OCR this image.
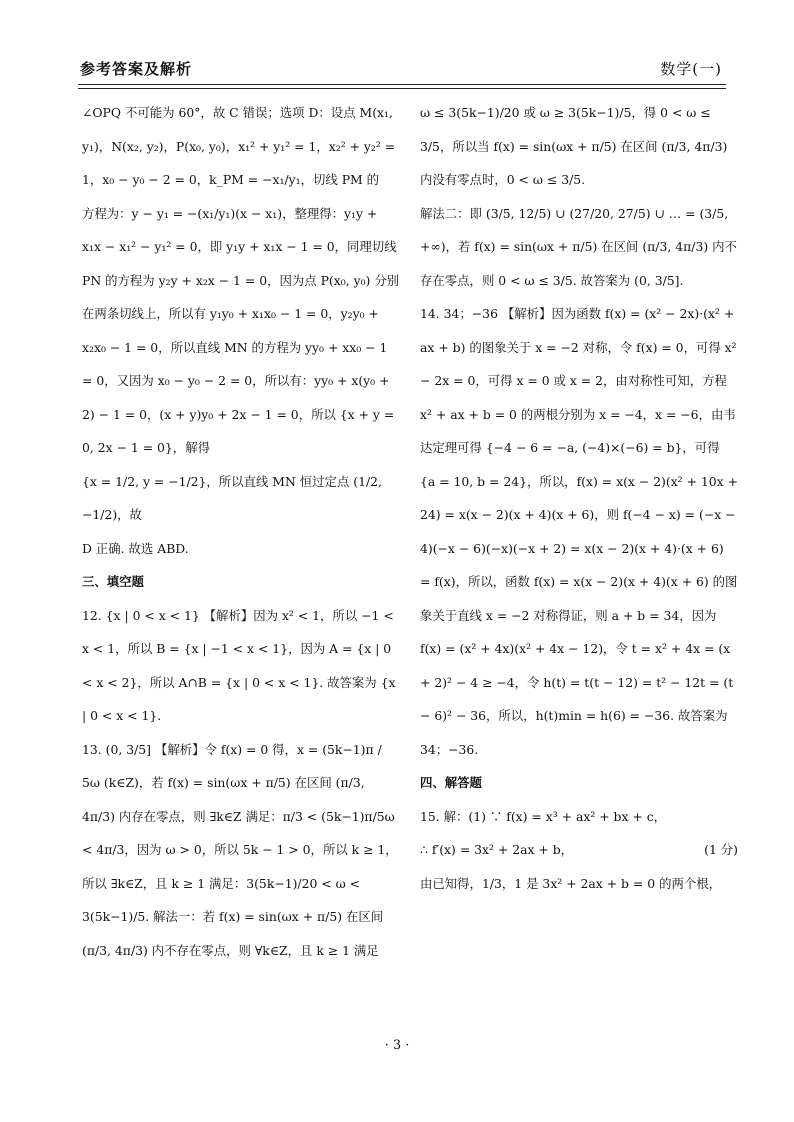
参考答案及解析	数学(一)

∠OPQ 不可能为 60°，故 C 错误；选项 D：设点 M(x₁, y₁)，N(x₂, y₂)，P(x₀, y₀)，x₁² + y₁² = 1，x₂² + y₂² = 1，x₀ − y₀ − 2 = 0，k_PM = −x₁/y₁，切线 PM 的

方程为：y − y₁ = −(x₁/y₁)(x − x₁)，整理得：y₁y + x₁x − x₁² − y₁² = 0，即 y₁y + x₁x − 1 = 0，同理切线 PN 的方程为 y₂y + x₂x − 1 = 0，因为点 P(x₀, y₀) 分别在两条切线上，所以有 y₁y₀ + x₁x₀ − 1 = 0，y₂y₀ + x₂x₀ − 1 = 0，所以直线 MN 的方程为 yy₀ + xx₀ − 1 = 0，又因为 x₀ − y₀ − 2 = 0，所以有：yy₀ + x(y₀ + 2) − 1 = 0，(x + y)y₀ + 2x − 1 = 0，所以 {x + y = 0, 2x − 1 = 0}，解得

{x = 1/2, y = −1/2}，所以直线 MN 恒过定点 (1/2, −1/2)，故

D 正确. 故选 ABD.

三、填空题

12. {x | 0 < x < 1} 【解析】因为 x² < 1，所以 −1 < x < 1，所以 B = {x | −1 < x < 1}，因为 A = {x | 0 < x < 2}，所以 A∩B = {x | 0 < x < 1}. 故答案为 {x | 0 < x < 1}.

13. (0, 3/5] 【解析】令 f(x) = 0 得，x = (5k−1)π / 5ω (k∈Z)，若 f(x) = sin(ωx + π/5) 在区间 (π/3, 4π/3) 内存在零点，则 ∃k∈Z 满足：π/3 < (5k−1)π/5ω < 4π/3，因为 ω > 0，所以 5k − 1 > 0，所以 k ≥ 1，所以 ∃k∈Z，且 k ≥ 1 满足：3(5k−1)/20 < ω < 3(5k−1)/5. 解法一：若 f(x) = sin(ωx + π/5) 在区间 (π/3, 4π/3) 内不存在零点，则 ∀k∈Z，且 k ≥ 1 满足

ω ≤ 3(5k−1)/20 或 ω ≥ 3(5k−1)/5，得 0 < ω ≤ 3/5，所以当 f(x) = sin(ωx + π/5) 在区间 (π/3, 4π/3) 内没有零点时，0 < ω ≤ 3/5.

解法二：即 (3/5, 12/5) ∪ (27/20, 27/5) ∪ … = (3/5, +∞)，若 f(x) = sin(ωx + π/5) 在区间 (π/3, 4π/3) 内不存在零点，则 0 < ω ≤ 3/5. 故答案为 (0, 3/5].

14. 34；−36 【解析】因为函数 f(x) = (x² − 2x)·(x² + ax + b) 的图象关于 x = −2 对称，令 f(x) = 0，可得 x² − 2x = 0，可得 x = 0 或 x = 2，由对称性可知，方程 x² + ax + b = 0 的两根分别为 x = −4，x = −6，由韦达定理可得 {−4 − 6 = −a, (−4)×(−6) = b}，可得 {a = 10, b = 24}，所以，f(x) = x(x − 2)(x² + 10x + 24) = x(x − 2)(x + 4)(x + 6)，则 f(−4 − x) = (−x − 4)(−x − 6)(−x)(−x + 2) = x(x − 2)(x + 4)·(x + 6) = f(x)，所以，函数 f(x) = x(x − 2)(x + 4)(x + 6) 的图象关于直线 x = −2 对称得证，则 a + b = 34，因为 f(x) = (x² + 4x)(x² + 4x − 12)，令 t = x² + 4x = (x + 2)² − 4 ≥ −4，令 h(t) = t(t − 12) = t² − 12t = (t − 6)² − 36，所以，h(t)min = h(6) = −36. 故答案为 34；−36.

四、解答题

15. 解：(1) ∵ f(x) = x³ + ax² + bx + c，

∴ f′(x) = 3x² + 2ax + b，	(1 分)

由已知得，1/3，1 是 3x² + 2ax + b = 0 的两个根，

· 3 ·
